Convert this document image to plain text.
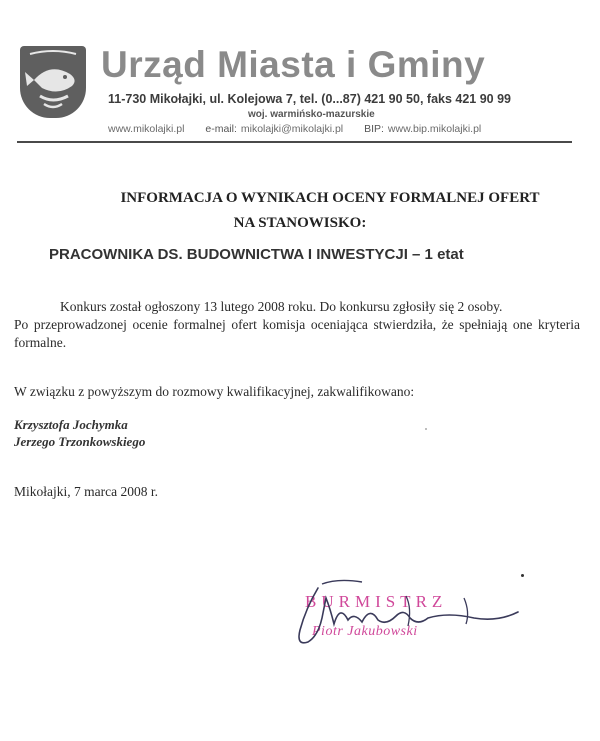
Urząd Miasta i Gminy
11-730 Mikołajki, ul. Kolejowa 7, tel. (0...87) 421 90 50, faks 421 90 99
woj. warmińsko-mazurskie
www.mikolajki.pl e-mail: mikolajki@mikolajki.pl BIP: www.bip.mikolajki.pl
INFORMACJA O WYNIKACH OCENY FORMALNEJ OFERT
NA STANOWISKO:
PRACOWNIKA DS. BUDOWNICTWA I INWESTYCJI – 1 etat

Konkurs został ogłoszony 13 lutego 2008 roku. Do konkursu zgłosiły się 2 osoby.

Po przeprowadzonej ocenie formalnej ofert komisja oceniająca stwierdziła, że spełniają one kryteria formalne.

W związku z powyższym do rozmowy kwalifikacyjnej, zakwalifikowano:
Krzysztofa Jochymka
Jerzego Trzonkowskiego
Mikołajki, 7 marca 2008 r.
BURMISTRZ
Piotr Jakubowski
